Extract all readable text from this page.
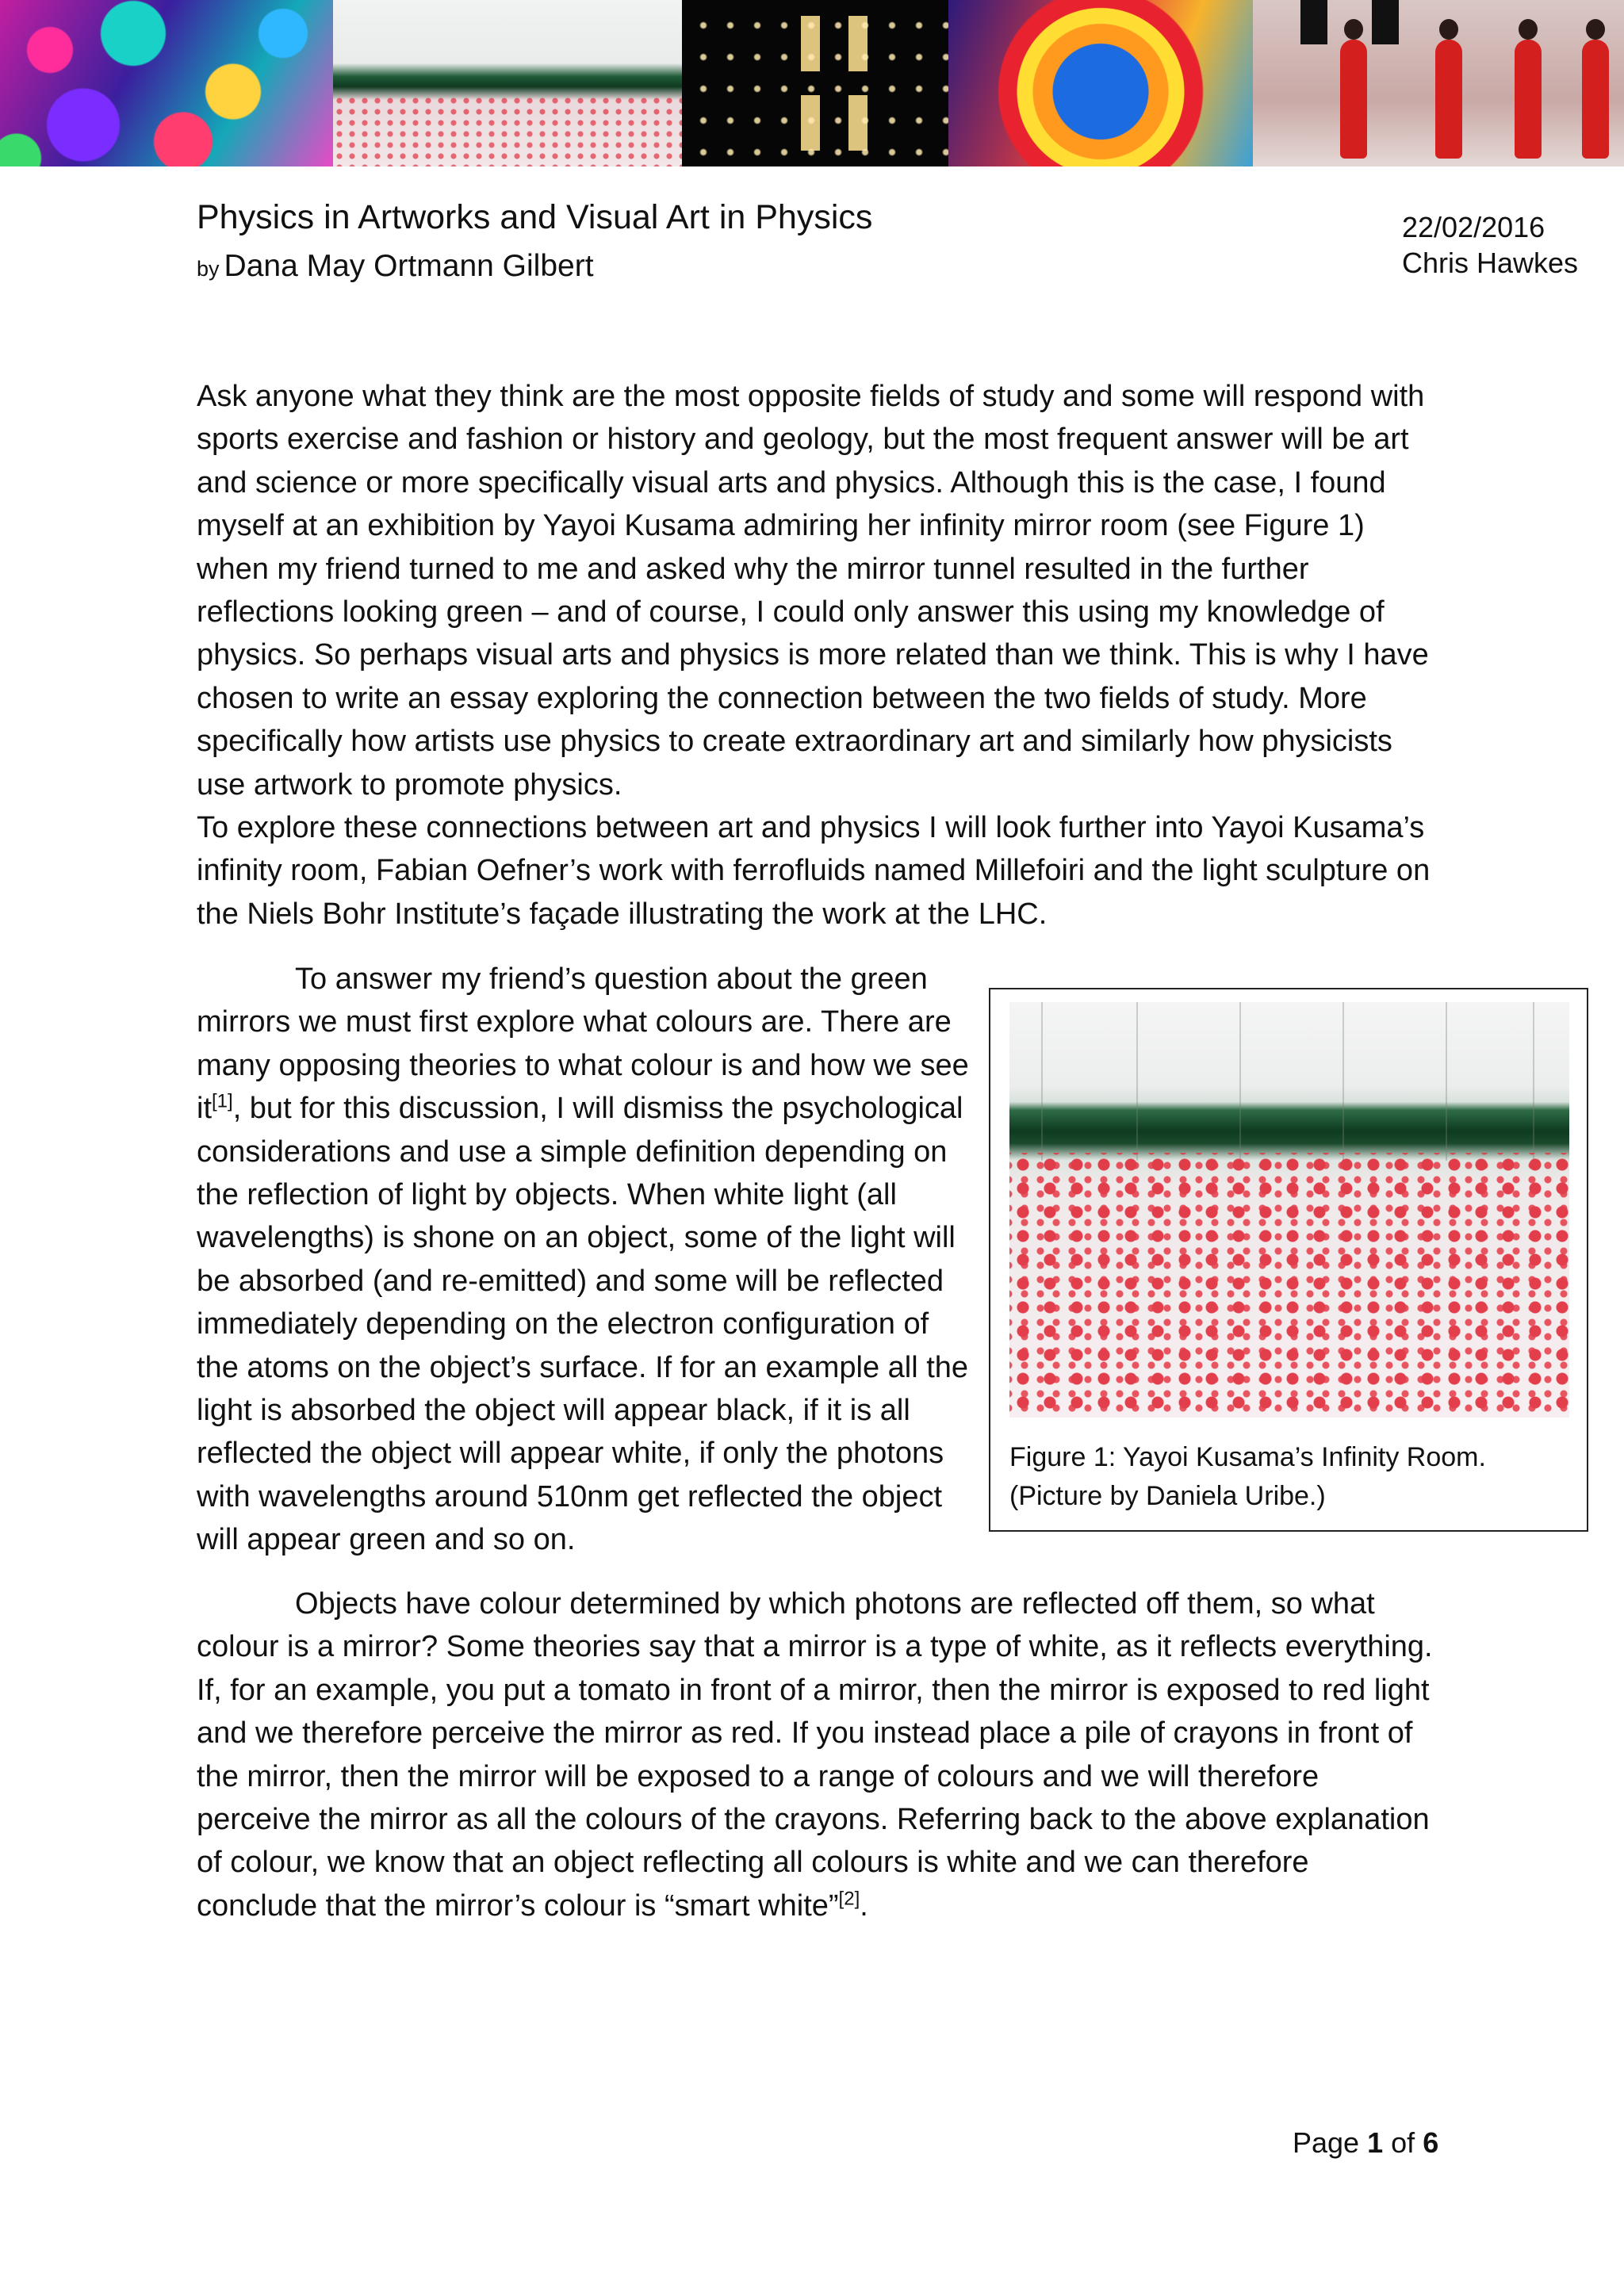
Physics in Artworks and Visual Art in Physics
by Dana May Ortmann Gilbert
22/02/2016
Chris Hawkes

Ask anyone what they think are the most opposite fields of study and some will respond with sports exercise and fashion or history and geology, but the most frequent answer will be art and science or more specifically visual arts and physics. Although this is the case, I found myself at an exhibition by Yayoi Kusama admiring her infinity mirror room (see Figure 1) when my friend turned to me and asked why the mirror tunnel resulted in the further reflections looking green – and of course, I could only answer this using my knowledge of physics. So perhaps visual arts and physics is more related than we think. This is why I have chosen to write an essay exploring the connection between the two fields of study. More specifically how artists use physics to create extraordinary art and similarly how physicists use artwork to promote physics.

To explore these connections between art and physics I will look further into Yayoi Kusama’s infinity room, Fabian Oefner’s work with ferrofluids named Millefoiri and the light sculpture on the Niels Bohr Institute’s façade illustrating the work at the LHC.

To answer my friend’s question about the green mirrors we must first explore what colours are. There are many opposing theories to what colour is and how we see it[1], but for this discussion, I will dismiss the psychological considerations and use a simple definition depending on the reflection of light by objects. When white light (all wavelengths) is shone on an object, some of the light will be absorbed (and re-emitted) and some will be reflected immediately depending on the electron configuration of the atoms on the object’s surface. If for an example all the light is absorbed the object will appear black, if it is all reflected the object will appear white, if only the photons with wavelengths around 510nm get reflected the object will appear green and so on.

Figure 1: Yayoi Kusama’s Infinity Room.
(Picture by Daniela Uribe.)

Objects have colour determined by which photons are reflected off them, so what colour is a mirror? Some theories say that a mirror is a type of white, as it reflects everything. If, for an example, you put a tomato in front of a mirror, then the mirror is exposed to red light and we therefore perceive the mirror as red. If you instead place a pile of crayons in front of the mirror, then the mirror will be exposed to a range of colours and we will therefore perceive the mirror as all the colours of the crayons. Referring back to the above explanation of colour, we know that an object reflecting all colours is white and we can therefore conclude that the mirror’s colour is “smart white”[2].

Page 1 of 6
